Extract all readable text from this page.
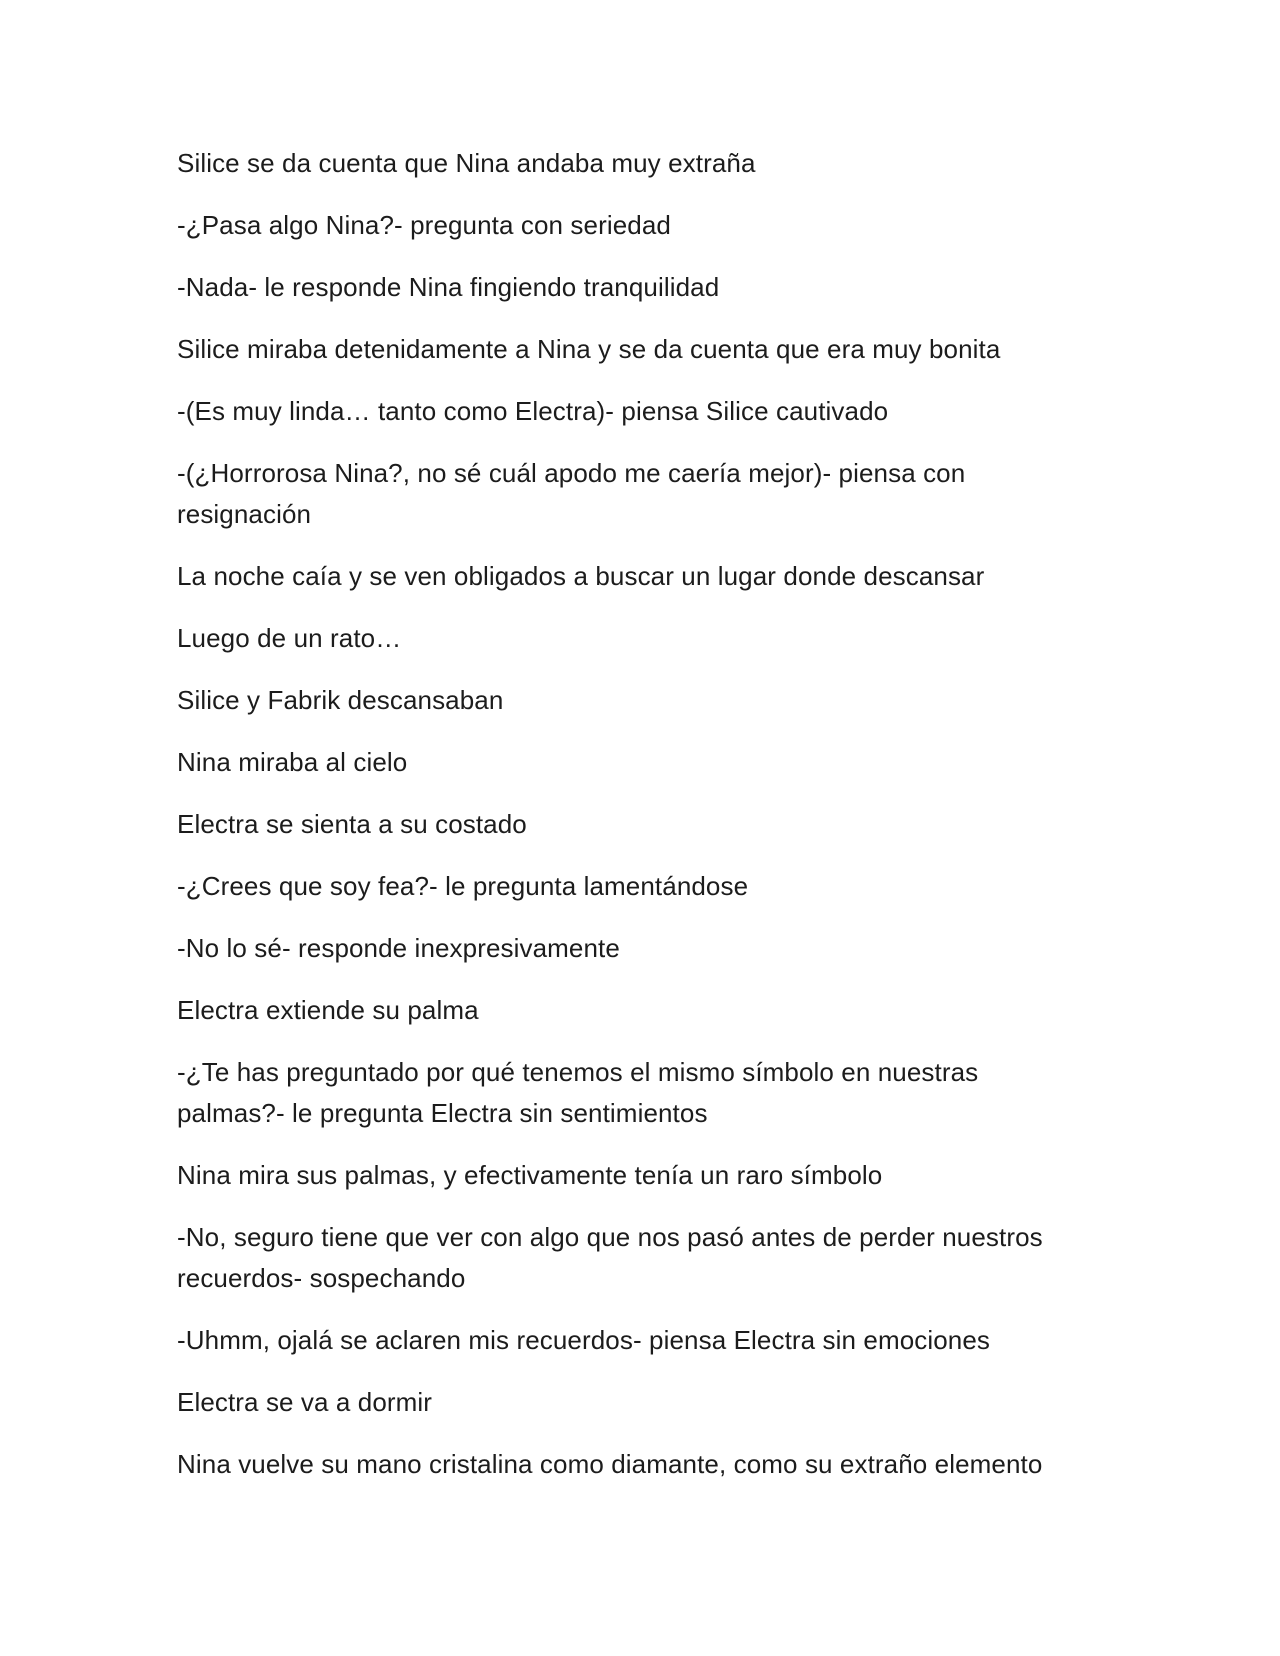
Silice se da cuenta que Nina andaba muy extraña

-¿Pasa algo Nina?- pregunta con seriedad

-Nada- le responde Nina fingiendo tranquilidad

Silice miraba detenidamente a Nina y se da cuenta que era muy bonita

-(Es muy linda… tanto como Electra)- piensa Silice cautivado

-(¿Horrorosa Nina?, no sé cuál apodo me caería mejor)- piensa con resignación

La noche caía y se ven obligados a buscar un lugar donde descansar

Luego de un rato…

Silice y Fabrik descansaban

Nina miraba al cielo

Electra se sienta a su costado

-¿Crees que soy fea?- le pregunta lamentándose

-No lo sé- responde inexpresivamente

Electra extiende su palma

-¿Te has preguntado por qué tenemos el mismo símbolo en nuestras palmas?- le pregunta Electra sin sentimientos

Nina mira sus palmas, y efectivamente tenía un raro símbolo

-No, seguro tiene que ver con algo que nos pasó antes de perder nuestros recuerdos- sospechando

-Uhmm, ojalá se aclaren mis recuerdos- piensa Electra sin emociones

Electra se va a dormir

Nina vuelve su mano cristalina como diamante, como su extraño elemento
